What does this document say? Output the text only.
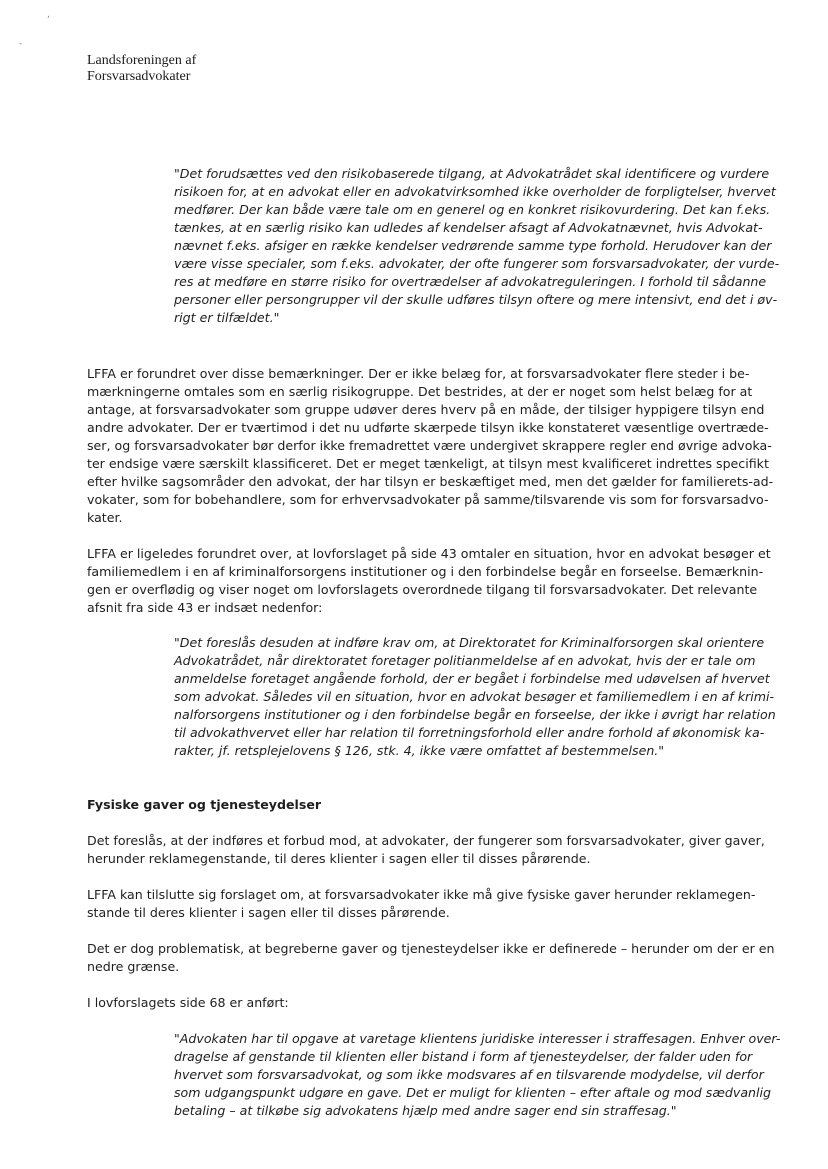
,
-
Landsforeningen af
Forsvarsadvokater
"Det forudsættes ved den risikobaserede tilgang, at Advokatrådet skal identificere og vurdere
risikoen for, at en advokat eller en advokatvirksomhed ikke overholder de forpligtelser, hvervet
medfører. Der kan både være tale om en generel og en konkret risikovurdering. Det kan f.eks.
tænkes, at en særlig risiko kan udledes af kendelser afsagt af Advokatnævnet, hvis Advokat-
nævnet f.eks. afsiger en række kendelser vedrørende samme type forhold. Herudover kan der
være visse specialer, som f.eks. advokater, der ofte fungerer som forsvarsadvokater, der vurde-
res at medføre en større risiko for overtrædelser af advokatreguleringen. I forhold til sådanne
personer eller persongrupper vil der skulle udføres tilsyn oftere og mere intensivt, end det i øv-
rigt er tilfældet."
LFFA er forundret over disse bemærkninger. Der er ikke belæg for, at forsvarsadvokater flere steder i be-
mærkningerne omtales som en særlig risikogruppe. Det bestrides, at der er noget som helst belæg for at
antage, at forsvarsadvokater som gruppe udøver deres hverv på en måde, der tilsiger hyppigere tilsyn end
andre advokater. Der er tværtimod i det nu udførte skærpede tilsyn ikke konstateret væsentlige overtræde-
ser, og forsvarsadvokater bør derfor ikke fremadrettet være undergivet skrappere regler end øvrige advoka-
ter endsige være særskilt klassificeret. Det er meget tænkeligt, at tilsyn mest kvalificeret indrettes specifikt
efter hvilke sagsområder den advokat, der har tilsyn er beskæftiget med, men det gælder for familierets-ad-
vokater, som for bobehandlere, som for erhvervsadvokater på samme/tilsvarende vis som for forsvarsadvo-
kater.
LFFA er ligeledes forundret over, at lovforslaget på side 43 omtaler en situation, hvor en advokat besøger et
familiemedlem i en af kriminalforsorgens institutioner og i den forbindelse begår en forseelse. Bemærknin-
gen er overflødig og viser noget om lovforslagets overordnede tilgang til forsvarsadvokater. Det relevante
afsnit fra side 43 er indsæt nedenfor:
"Det foreslås desuden at indføre krav om, at Direktoratet for Kriminalforsorgen skal orientere
Advokatrådet, når direktoratet foretager politianmeldelse af en advokat, hvis der er tale om
anmeldelse foretaget angående forhold, der er begået i forbindelse med udøvelsen af hvervet
som advokat. Således vil en situation, hvor en advokat besøger et familiemedlem i en af krimi-
nalforsorgens institutioner og i den forbindelse begår en forseelse, der ikke i øvrigt har relation
til advokathvervet eller har relation til forretningsforhold eller andre forhold af økonomisk ka-
rakter, jf. retsplejelovens § 126, stk. 4, ikke være omfattet af bestemmelsen."
Fysiske gaver og tjenesteydelser
Det foreslås, at der indføres et forbud mod, at advokater, der fungerer som forsvarsadvokater, giver gaver,
herunder reklamegenstande, til deres klienter i sagen eller til disses pårørende.
LFFA kan tilslutte sig forslaget om, at forsvarsadvokater ikke må give fysiske gaver herunder reklamegen-
stande til deres klienter i sagen eller til disses pårørende.
Det er dog problematisk, at begreberne gaver og tjenesteydelser ikke er definerede – herunder om der er en
nedre grænse.
I lovforslagets side 68 er anført:
"Advokaten har til opgave at varetage klientens juridiske interesser i straffesagen. Enhver over-
dragelse af genstande til klienten eller bistand i form af tjenesteydelser, der falder uden for
hvervet som forsvarsadvokat, og som ikke modsvares af en tilsvarende modydelse, vil derfor
som udgangspunkt udgøre en gave. Det er muligt for klienten – efter aftale og mod sædvanlig
betaling – at tilkøbe sig advokatens hjælp med andre sager end sin straffesag."
